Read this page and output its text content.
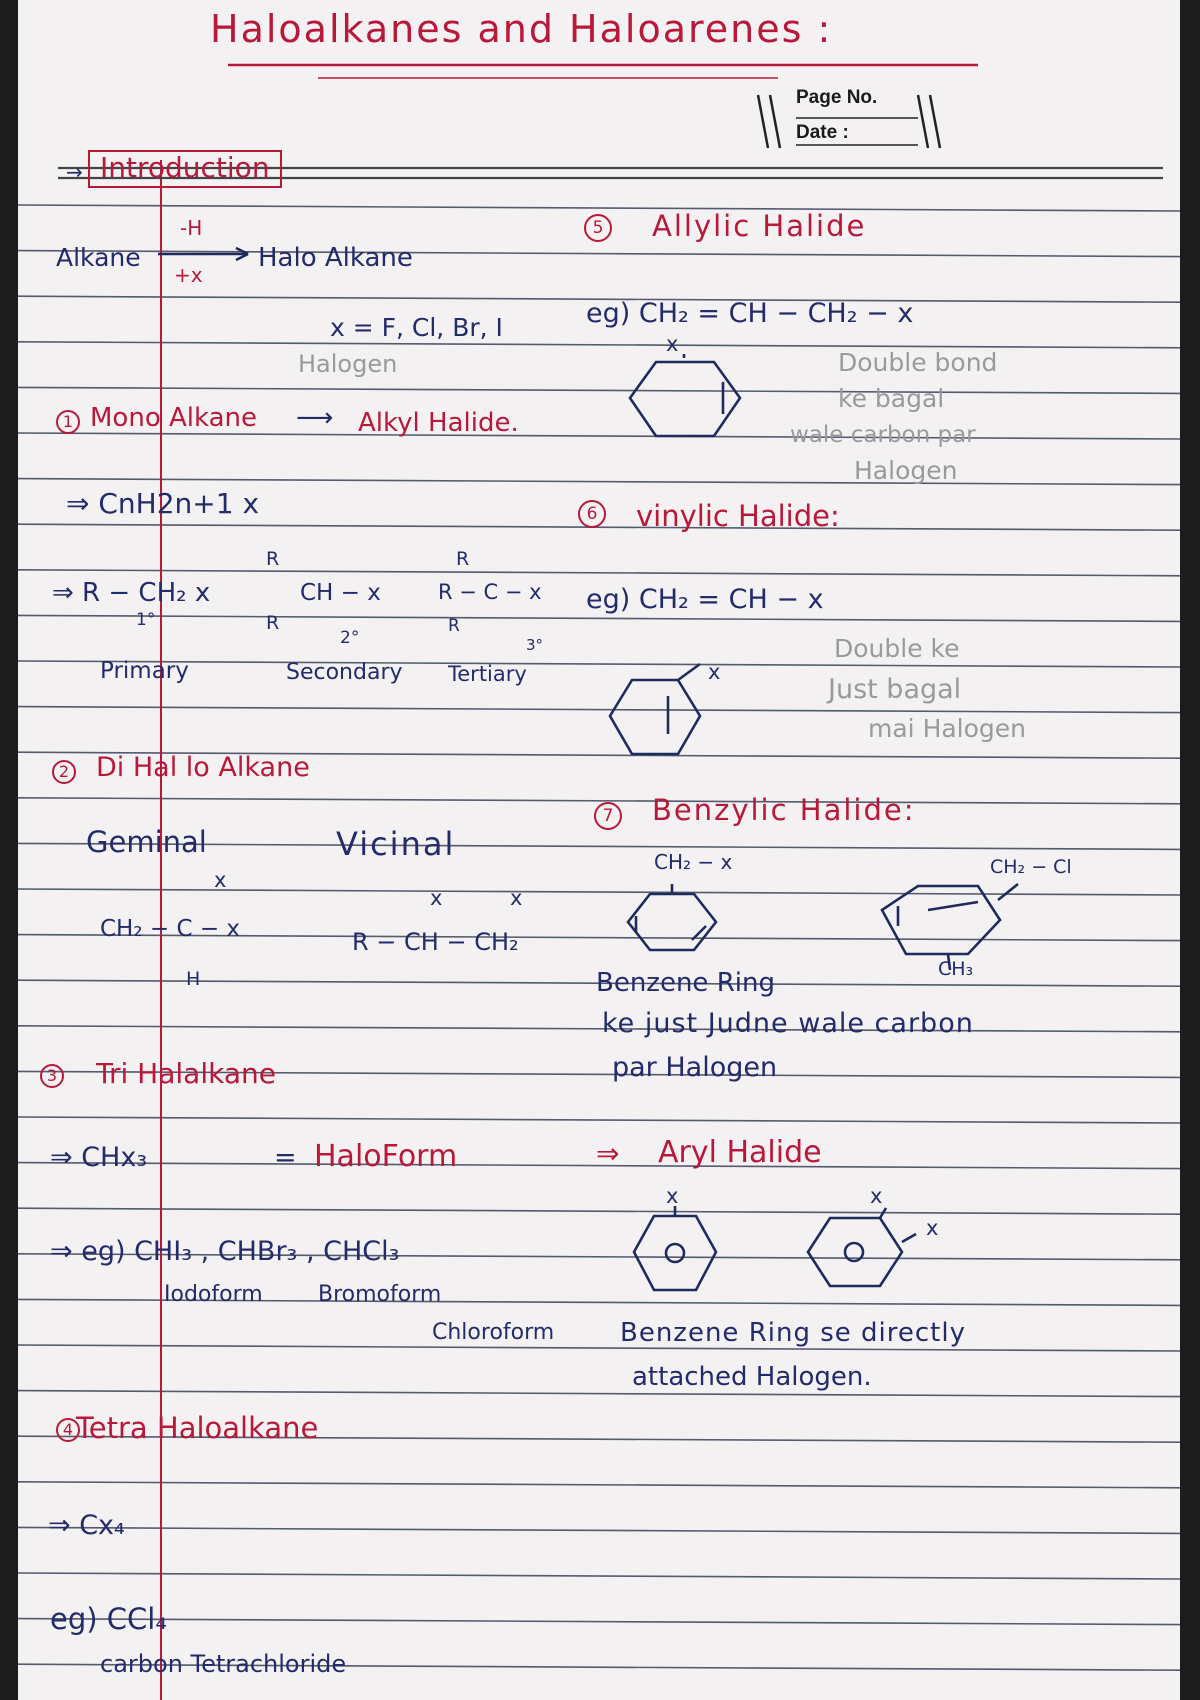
Haloalkanes and Haloarenes :
Page No.
Date :
→ Introduction
Alkane
-H
+x
Halo Alkane
x = F, Cl, Br, I
Halogen
1 Mono Alkane ⟶ Alkyl Halide.
⇒ CnH2n+1 x
⇒ R − CH₂ x
1°
Primary
R
CH − x
R
2°
Secondary
R
R − C − x
R
3°
Tertiary
2 Di Hal lo Alkane
Geminal
x
CH₂ − C − x
H
Vicinal
x	x
R − CH − CH₂
3 Tri Halalkane
⇒ CHx₃	= HaloForm
⇒ eg) CHI₃ , CHBr₃ , CHCl₃
Iodoform	Bromoform
Chloroform
4 Tetra Haloalkane
⇒ Cx₄
eg) CCl₄
carbon Tetrachloride
5 Allylic Halide
eg) CH₂ = CH − CH₂ − x
x
Double bond
ke bagal
wale carbon par
Halogen
6 vinylic Halide:
eg) CH₂ = CH − x
x
Double ke
Just bagal
mai Halogen
7 Benzylic Halide:
CH₂ − x	CH₂ − Cl
CH₃
Benzene Ring
ke just Judne wale carbon
par Halogen
⇒ Aryl Halide
x	x
x
Benzene Ring se directly
attached Halogen.
